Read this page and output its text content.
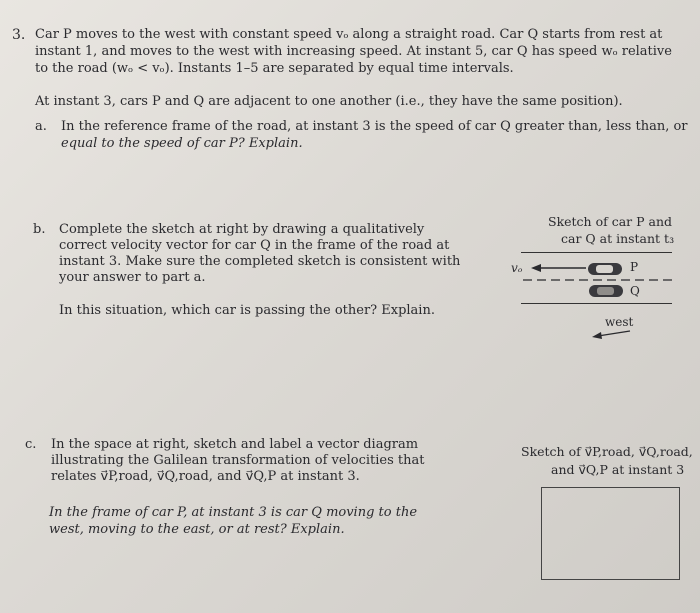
3. Car P moves to the west with constant speed vₒ along a straight road. Car Q starts from rest at
instant 1, and moves to the west with increasing speed. At instant 5, car Q has speed wₒ relative
to the road (wₒ < vₒ). Instants 1–5 are separated by equal time intervals.
At instant 3, cars P and Q are adjacent to one another (i.e., they have the same position).
a. In the reference frame of the road, at instant 3 is the speed of car Q greater than, less than, or
equal to the speed of car P? Explain.
b. Complete the sketch at right by drawing a qualitatively
correct velocity vector for car Q in the frame of the road at
instant 3. Make sure the completed sketch is consistent with
your answer to part a.
In this situation, which car is passing the other? Explain.
Sketch of car P and
car Q at instant t₃
vₒ	P
Q
west
c. In the space at right, sketch and label a vector diagram
illustrating the Galilean transformation of velocities that
relates v⃗P,road, v⃗Q,road, and v⃗Q,P at instant 3.
In the frame of car P, at instant 3 is car Q moving to the
west, moving to the east, or at rest? Explain.
Sketch of v⃗P,road, v⃗Q,road,
and v⃗Q,P at instant 3
